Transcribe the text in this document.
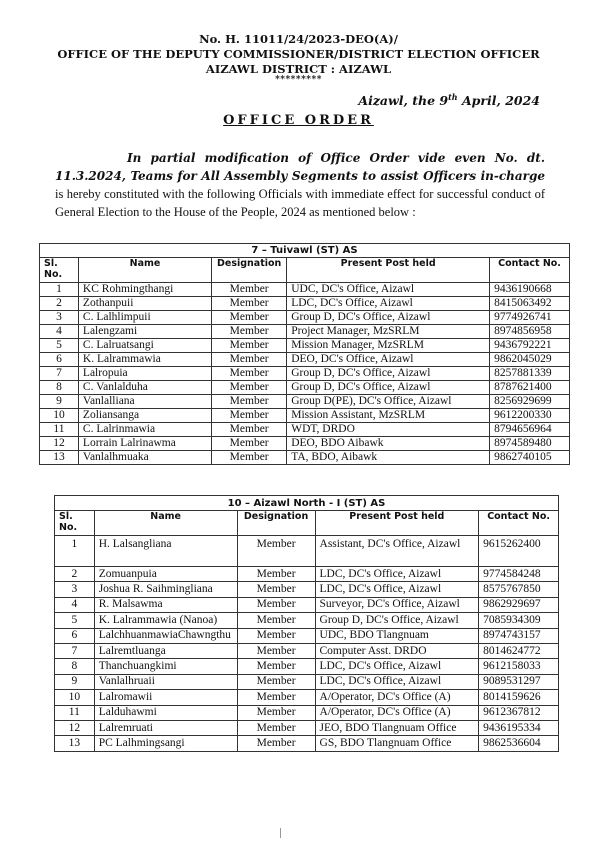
No. H. 11011/24/2023-DEO(A)/
OFFICE OF THE DEPUTY COMMISSIONER/DISTRICT ELECTION OFFICER
AIZAWL DISTRICT : AIZAWL
*********
Aizawl, the 9th April, 2024
OFFICE ORDER
In partial modification of Office Order vide even No. dt. 11.3.2024, Teams for All Assembly Segments to assist Officers in-charge is hereby constituted with the following Officials with immediate effect for successful conduct of General Election to the House of the People, 2024 as mentioned below :
7 – Tuivawl (ST) AS				
Sl. No.	Name	Designation	Present Post held	Contact No.
1	KC Rohmingthangi	Member	UDC, DC's Office, Aizawl	9436190668
2	Zothanpuii	Member	LDC, DC's Office, Aizawl	8415063492
3	C. Lalhlimpuii	Member	Group D, DC's Office, Aizawl	9774926741
4	Lalengzami	Member	Project Manager, MzSRLM	8974856958
5	C. Lalruatsangi	Member	Mission Manager, MzSRLM	9436792221
6	K. Lalrammawia	Member	DEO, DC's Office, Aizawl	9862045029
7	Lalropuia	Member	Group D, DC's Office, Aizawl	8257881339
8	C. Vanlalduha	Member	Group D, DC's Office, Aizawl	8787621400
9	Vanlalliana	Member	Group D(PE), DC's Office, Aizawl	8256929699
10	Zoliansanga	Member	Mission Assistant, MzSRLM	9612200330
11	C. Lalrinmawia	Member	WDT, DRDO	8794656964
12	Lorrain Lalrinawma	Member	DEO, BDO Aibawk	8974589480
13	Vanlalhmuaka	Member	TA, BDO, Aibawk	9862740105
10 – Aizawl North - I (ST) AS				
Sl. No.	Name	Designation	Present Post held	Contact No.
1	H. Lalsangliana	Member	Assistant, DC's Office, Aizawl	9615262400
2	Zomuanpuia	Member	LDC, DC's Office, Aizawl	9774584248
3	Joshua R. Saihmingliana	Member	LDC, DC's Office, Aizawl	8575767850
4	R. Malsawma	Member	Surveyor, DC's Office, Aizawl	9862929697
5	K. Lalrammawia (Nanoa)	Member	Group D, DC's Office, Aizawl	7085934309
6	LalchhuanmawiaChawngthu	Member	UDC, BDO Tlangnuam	8974743157
7	Lalremtluanga	Member	Computer Asst. DRDO	8014624772
8	Thanchuangkimi	Member	LDC, DC's Office, Aizawl	9612158033
9	Vanlalhruaii	Member	LDC, DC's Office, Aizawl	9089531297
10	Lalromawii	Member	A/Operator, DC's Office (A)	8014159626
11	Lalduhawmi	Member	A/Operator, DC's Office (A)	9612367812
12	Lalremruati	Member	JEO, BDO Tlangnuam Office	9436195334
13	PC Lalhmingsangi	Member	GS, BDO Tlangnuam Office	9862536604
